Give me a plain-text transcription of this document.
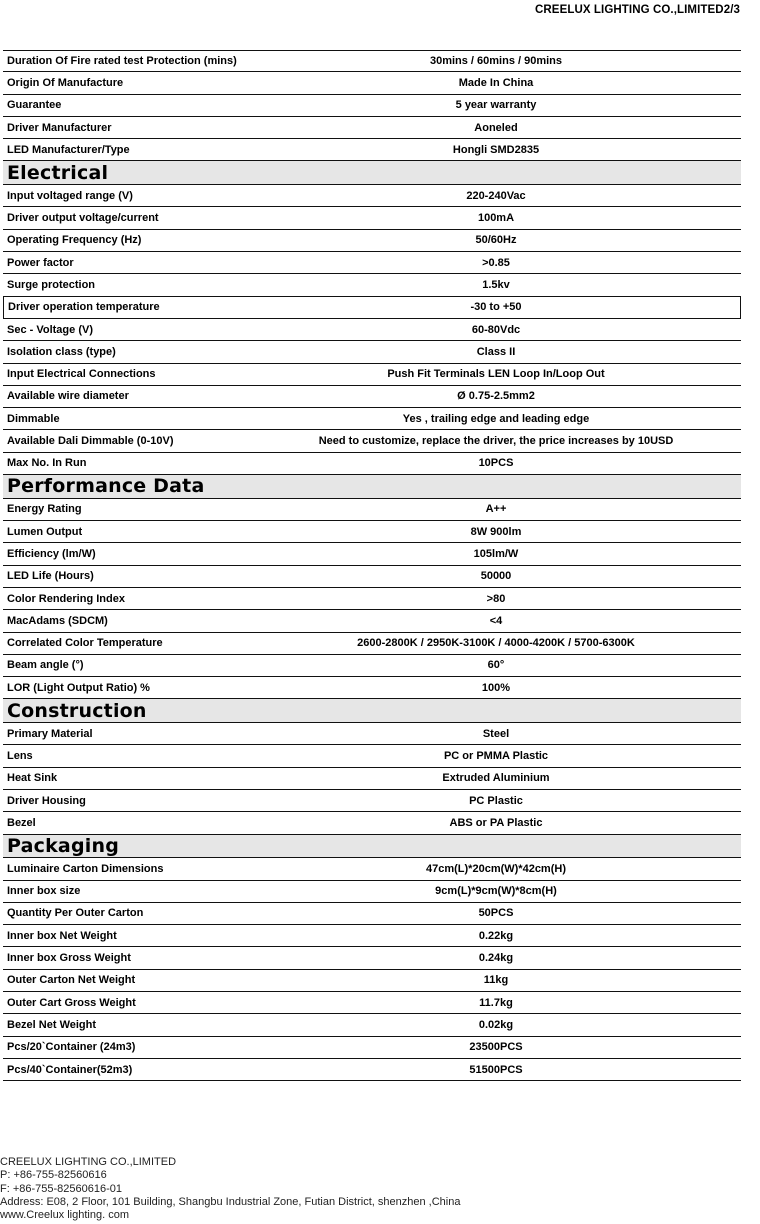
CREELUX LIGHTING CO.,LIMITED2/3
Duration Of Fire rated test Protection (mins)	30mins / 60mins / 90mins
Origin Of Manufacture	Made In China
Guarantee	5 year warranty
Driver Manufacturer	Aoneled
LED Manufacturer/Type	Hongli SMD2835
Electrical
Input voltaged range (V)	220-240Vac
Driver output voltage/current	100mA
Operating Frequency (Hz)	50/60Hz
Power factor	>0.85
Surge protection	1.5kv
Driver operation temperature	-30 to +50
Sec - Voltage (V)	60-80Vdc
Isolation class (type)	Class II
Input Electrical Connections	Push Fit Terminals LEN Loop In/Loop Out
Available wire diameter	Ø 0.75-2.5mm2
Dimmable	Yes , trailing edge and leading edge
Available Dali Dimmable (0-10V)	Need to customize, replace the driver, the price increases by 10USD
Max No. In Run	10PCS
Performance Data
Energy Rating	A++
Lumen Output	8W 900lm
Efficiency (lm/W)	105lm/W
LED Life (Hours)	50000
Color Rendering Index	>80
MacAdams (SDCM)	<4
Correlated Color Temperature	2600-2800K / 2950K-3100K / 4000-4200K / 5700-6300K
Beam angle (°)	60°
LOR (Light Output Ratio) %	100%
Construction
Primary Material	Steel
Lens	PC or PMMA Plastic
Heat Sink	Extruded Aluminium
Driver Housing	PC Plastic
Bezel	ABS or PA Plastic
Packaging
Luminaire Carton Dimensions	47cm(L)*20cm(W)*42cm(H)
Inner box size	9cm(L)*9cm(W)*8cm(H)
Quantity Per Outer Carton	50PCS
Inner box Net Weight	0.22kg
Inner box Gross Weight	0.24kg
Outer Carton Net Weight	11kg
Outer Cart Gross Weight	11.7kg
Bezel Net Weight	0.02kg
Pcs/20`Container (24m3)	23500PCS
Pcs/40`Container(52m3)	51500PCS
CREELUX LIGHTING CO.,LIMITED
P: +86-755-82560616
F: +86-755-82560616-01
Address: E08, 2 Floor, 101 Building, Shangbu Industrial Zone, Futian District, shenzhen ,China
www.Creelux lighting. com
